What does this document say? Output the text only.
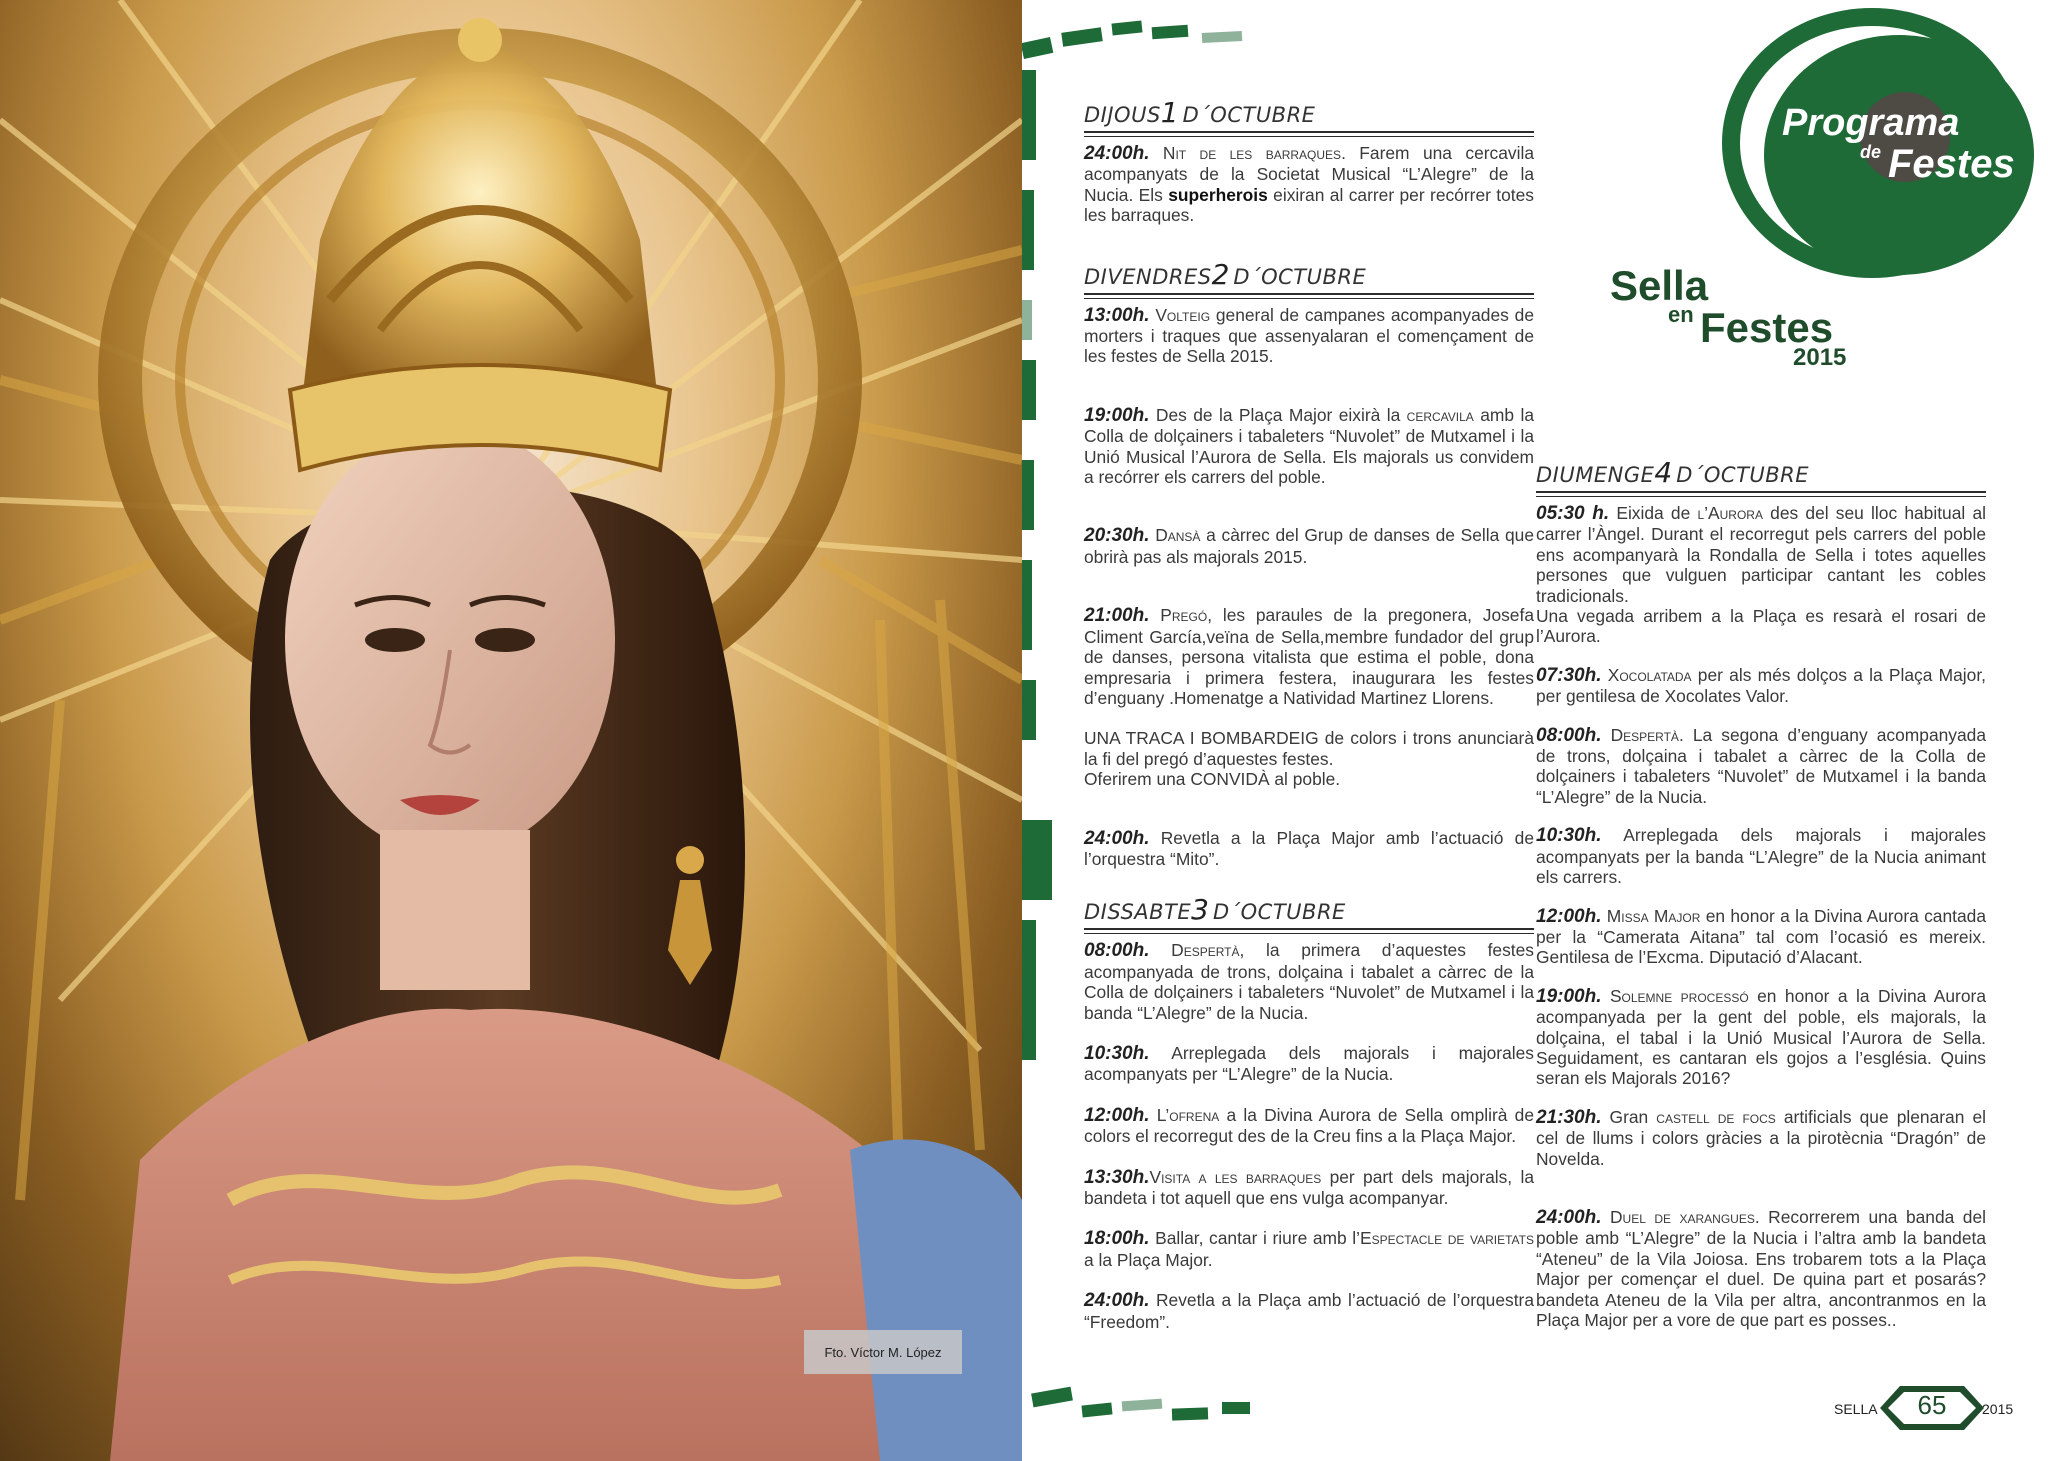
Fto. Víctor M. López
Programa
de Festes
Sella
en Festes
2015
DIJOUS1 D´OCTUBRE

24:00h. Nit de les barraques. Farem una cercavila acompanyats de la Societat Musical “L’Alegre” de la Nucia. Els superherois eixiran al carrer per recórrer totes les barraques.

DIVENDRES2 D´OCTUBRE

13:00h. Volteig general de campanes acompanyades de morters i traques que assenyalaran el començament de les festes de Sella 2015.

19:00h. Des de la Plaça Major eixirà la cercavila amb la Colla de dolçainers i tabaleters “Nuvolet” de Mutxamel i la Unió Musical l’Aurora de Sella. Els majorals us convidem a recórrer els carrers del poble.

20:30h. Dansà a càrrec del Grup de danses de Sella que obrirà pas als majorals 2015.

21:00h. Pregó, les paraules de la pregonera, Josefa Climent García,veïna de Sella,membre fundador del grup de danses, persona vitalista que estima el poble, dona empresaria i primera festera, inaugurara les festes d’enguany .Homenatge a Natividad Martinez Llorens.

UNA TRACA I BOMBARDEIG de colors i trons anunciarà la fi del pregó d’aquestes festes.
Oferirem una CONVIDÀ al poble.

24:00h. Revetla a la Plaça Major amb l’actuació de l’orquestra “Mito”.

DISSABTE3 D´OCTUBRE

08:00h. Despertà, la primera d’aquestes festes acompanyada de trons, dolçaina i tabalet a càrrec de la Colla de dolçainers i tabaleters “Nuvolet” de Mutxamel i la banda “L’Alegre” de la Nucia.

10:30h. Arreplegada dels majorals i majorales acompanyats per “L’Alegre” de la Nucia.

12:00h. L’ofrena a la Divina Aurora de Sella omplirà de colors el recorregut des de la Creu fins a la Plaça Major.

13:30h.Visita a les barraques per part dels majorals, la bandeta i tot aquell que ens vulga acompanyar.

18:00h. Ballar, cantar i riure amb l’Espectacle de varietats a la Plaça Major.

24:00h. Revetla a la Plaça amb l’actuació de l’orquestra “Freedom”.

DIUMENGE4 D´OCTUBRE

05:30 h. Eixida de l’Aurora des del seu lloc habitual al carrer l’Àngel. Durant el recorregut pels carrers del poble ens acompanyarà la Rondalla de Sella i totes aquelles persones que vulguen participar cantant les cobles tradicionals.
Una vegada arribem a la Plaça es resarà el rosari de l’Aurora.

07:30h. Xocolatada per als més dolços a la Plaça Major, per gentilesa de Xocolates Valor.

08:00h. Despertà. La segona d’enguany acompanyada de trons, dolçaina i tabalet a càrrec de la Colla de dolçainers i tabaleters “Nuvolet” de Mutxamel i la banda “L’Alegre” de la Nucia.

10:30h. Arreplegada dels majorals i majorales acompanyats per la banda “L’Alegre” de la Nucia animant els carrers.

12:00h. Missa Major en honor a la Divina Aurora cantada per la “Camerata Aitana” tal com l’ocasió es mereix. Gentilesa de l’Excma. Diputació d’Alacant.

19:00h. Solemne processó en honor a la Divina Aurora acompanyada per la gent del poble, els majorals, la dolçaina, el tabal i la Unió Musical l’Aurora de Sella. Seguidament, es cantaran els gojos a l’església. Quins seran els Majorals 2016?

21:30h. Gran castell de focs artificials que plenaran el cel de llums i colors gràcies a la pirotècnia “Dragón” de Novelda.

24:00h. Duel de xarangues. Recorrerem una banda del poble amb “L’Alegre” de la Nucia i l’altra amb la bandeta “Ateneu” de la Vila Joiosa. Ens trobarem tots a la Plaça Major per començar el duel. De quina part et posarás?bandeta Ateneu de la Vila per altra, ancontranmos en la Plaça Major per a vore de que part es posses..

SELLA	65	2015
